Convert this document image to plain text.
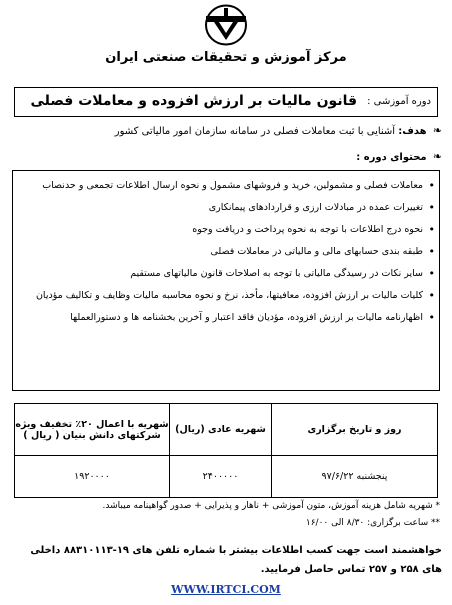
مرکز آموزش و تحقیقات صنعتی ایران
دوره آموزشی :
قانون مالیات بر ارزش افزوده و معاملات فصلی
❧ هدف: آشنایی با ثبت معاملات فصلی در سامانه سازمان امور مالیاتی کشور
❧ محتوای دوره :
• معاملات فصلی و مشمولین، خرید و فروشهای مشمول و نحوه ارسال اطلاعات تجمعی و حدنصاب
• تغییرات عمده در مبادلات ارزی و قراردادهای پیمانکاری
• نحوه درج اطلاعات با توجه به نحوه پرداخت و دریافت وجوه
• طبقه بندی حسابهای مالی و مالیاتی در معاملات فصلی
• سایر نکات در رسیدگی مالیاتی با توجه به اصلاحات قانون مالیاتهای مستقیم
• کلیات مالیات بر ارزش افزوده، معافیتها، مأخذ، نرخ و نحوه محاسبه مالیات وظایف و تکالیف مؤدیان
• اظهارنامه مالیات بر ارزش افزوده، مؤدیان فاقد اعتبار و آخرین بخشنامه ها و دستورالعملها
روز و تاریخ برگزاری	شهریه عادی (ریال)	شهریه با اعمال ۲۰٪ تخفیف ویژه شرکتهای دانش بنیان ( ریال )
پنجشنبه ۹۷/۶/۲۲	۲۴۰۰۰۰۰	۱۹۲۰۰۰۰
* شهریه شامل هزینه آموزش، متون آموزشی + ناهار و پذیرایی + صدور گواهینامه میباشد.
** ساعت برگزاری: ۸/۳۰ الی ۱۶/۰۰
خواهشمند است جهت کسب اطلاعات بیشتر با شماره تلفن های ۱۹-۸۸۳۱۰۱۱۳ داخلی های ۲۵۸ و ۲۵۷ تماس حاصل فرمایید.
WWW.IRTCI.COM
